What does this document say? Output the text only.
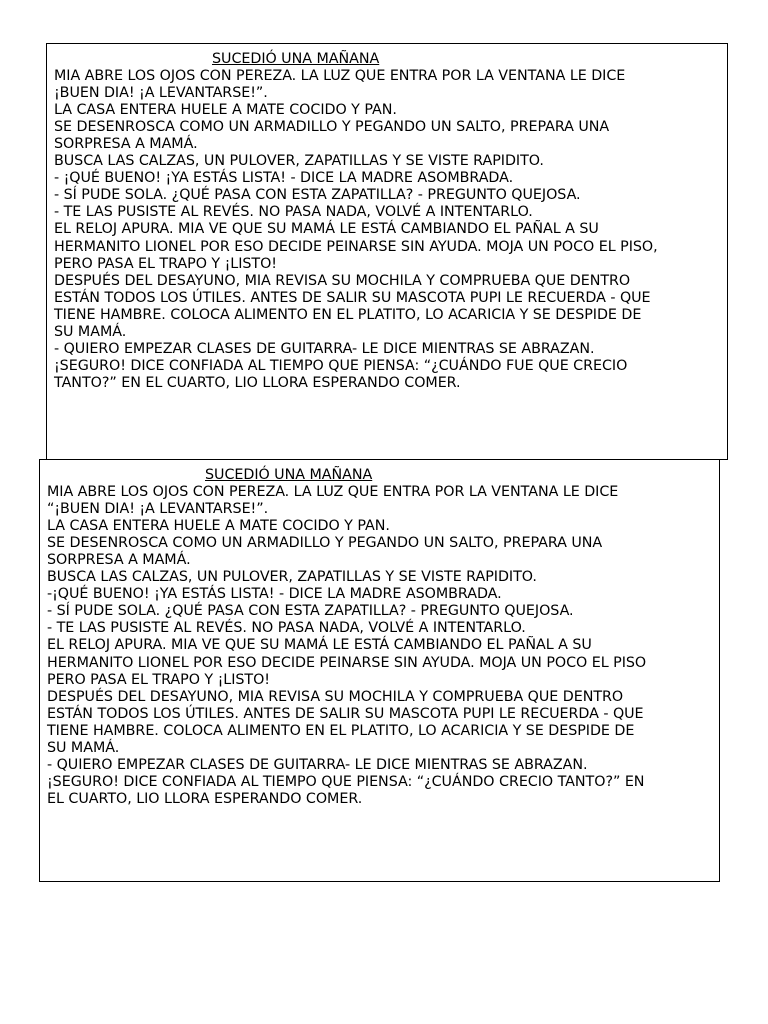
SUCEDIÓ UNA MAÑANA
MIA ABRE LOS OJOS CON PEREZA. LA LUZ QUE ENTRA POR LA VENTANA LE DICE
¡BUEN DIA! ¡A LEVANTARSE!”.
LA CASA ENTERA HUELE A MATE COCIDO Y PAN.
SE DESENROSCA COMO UN ARMADILLO Y PEGANDO UN SALTO, PREPARA UNA
SORPRESA A MAMÁ.
BUSCA LAS CALZAS, UN PULOVER, ZAPATILLAS Y SE VISTE RAPIDITO.
- ¡QUÉ BUENO! ¡YA ESTÁS LISTA! - DICE LA MADRE ASOMBRADA.
- SÍ PUDE SOLA. ¿QUÉ PASA CON ESTA ZAPATILLA? - PREGUNTO QUEJOSA.
- TE LAS PUSISTE AL REVÉS. NO PASA NADA, VOLVÉ A INTENTARLO.
EL RELOJ APURA. MIA VE QUE SU MAMÁ LE ESTÁ CAMBIANDO EL PAÑAL A SU
HERMANITO LIONEL POR ESO DECIDE PEINARSE SIN AYUDA. MOJA UN POCO EL PISO,
PERO PASA EL TRAPO Y ¡LISTO!
DESPUÉS DEL DESAYUNO, MIA REVISA SU MOCHILA Y COMPRUEBA QUE DENTRO
ESTÁN TODOS LOS ÚTILES. ANTES DE SALIR SU MASCOTA PUPI LE RECUERDA - QUE
TIENE HAMBRE. COLOCA ALIMENTO EN EL PLATITO, LO ACARICIA Y SE DESPIDE DE
SU MAMÁ.
- QUIERO EMPEZAR CLASES DE GUITARRA- LE DICE MIENTRAS SE ABRAZAN.
¡SEGURO! DICE CONFIADA AL TIEMPO QUE PIENSA: “¿CUÁNDO FUE QUE CRECIO
TANTO?” EN EL CUARTO, LIO LLORA ESPERANDO COMER.
SUCEDIÓ UNA MAÑANA
MIA ABRE LOS OJOS CON PEREZA. LA LUZ QUE ENTRA POR LA VENTANA LE DICE
“¡BUEN DIA! ¡A LEVANTARSE!”.
LA CASA ENTERA HUELE A MATE COCIDO Y PAN.
SE DESENROSCA COMO UN ARMADILLO Y PEGANDO UN SALTO, PREPARA UNA
SORPRESA A MAMÁ.
BUSCA LAS CALZAS, UN PULOVER, ZAPATILLAS Y SE VISTE RAPIDITO.
-¡QUÉ BUENO! ¡YA ESTÁS LISTA! - DICE LA MADRE ASOMBRADA.
- SÍ PUDE SOLA. ¿QUÉ PASA CON ESTA ZAPATILLA? - PREGUNTO QUEJOSA.
- TE LAS PUSISTE AL REVÉS. NO PASA NADA, VOLVÉ A INTENTARLO.
EL RELOJ APURA. MIA VE QUE SU MAMÁ LE ESTÁ CAMBIANDO EL PAÑAL A SU
HERMANITO LIONEL POR ESO DECIDE PEINARSE SIN AYUDA. MOJA UN POCO EL PISO
PERO PASA EL TRAPO Y ¡LISTO!
DESPUÉS DEL DESAYUNO, MIA REVISA SU MOCHILA Y COMPRUEBA QUE DENTRO
ESTÁN TODOS LOS ÚTILES. ANTES DE SALIR SU MASCOTA PUPI LE RECUERDA - QUE
TIENE HAMBRE. COLOCA ALIMENTO EN EL PLATITO, LO ACARICIA Y SE DESPIDE DE
SU MAMÁ.
- QUIERO EMPEZAR CLASES DE GUITARRA- LE DICE MIENTRAS SE ABRAZAN.
¡SEGURO! DICE CONFIADA AL TIEMPO QUE PIENSA: “¿CUÁNDO CRECIO TANTO?” EN
EL CUARTO, LIO LLORA ESPERANDO COMER.
